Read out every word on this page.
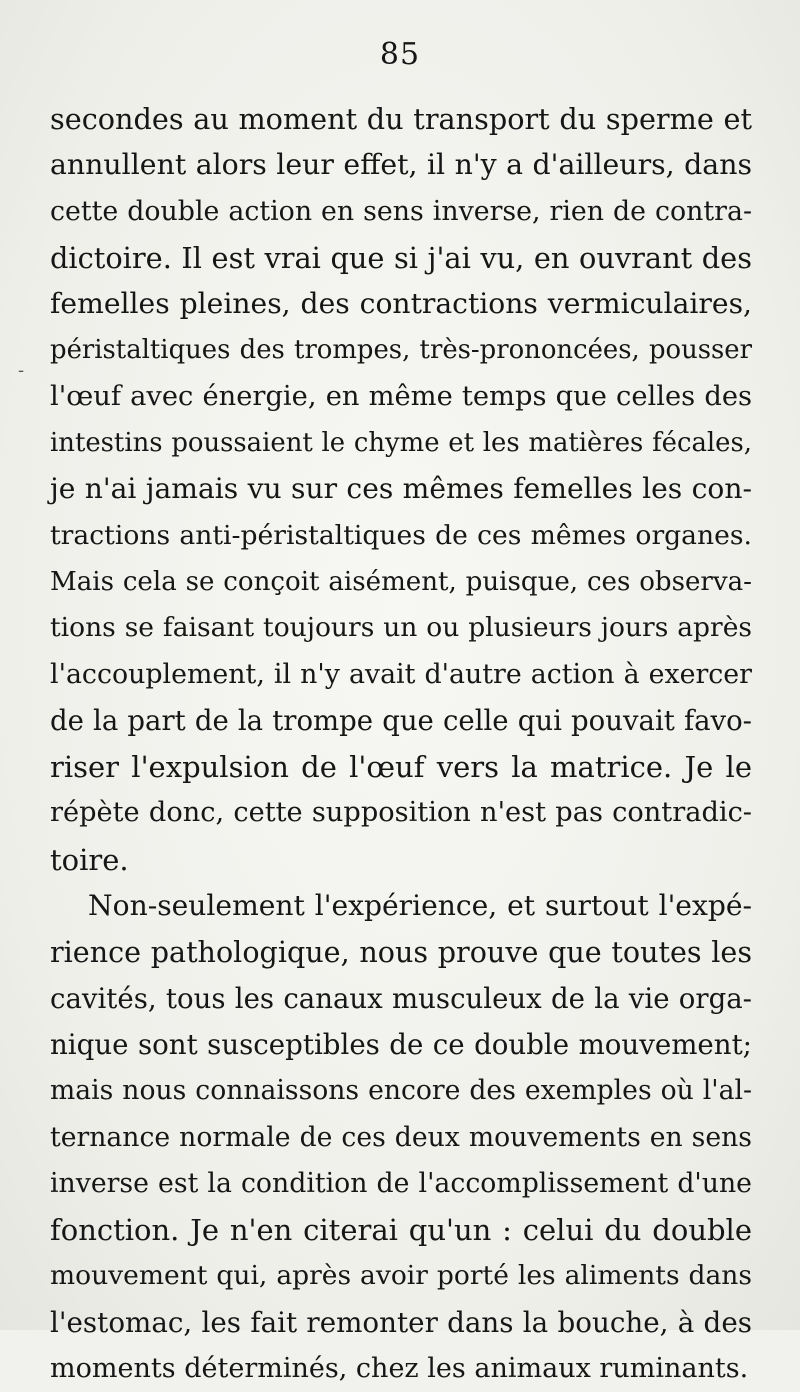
85
-
secondes au moment du transport du sperme et
annullent alors leur effet, il n'y a d'ailleurs, dans
cette double action en sens inverse, rien de contra-
dictoire. Il est vrai que si j'ai vu, en ouvrant des
femelles pleines, des contractions vermiculaires,
péristaltiques des trompes, très-prononcées, pousser
l'œuf avec énergie, en même temps que celles des
intestins poussaient le chyme et les matières fécales,
je n'ai jamais vu sur ces mêmes femelles les con-
tractions anti-péristaltiques de ces mêmes organes.
Mais cela se conçoit aisément, puisque, ces observa-
tions se faisant toujours un ou plusieurs jours après
l'accouplement, il n'y avait d'autre action à exercer
de la part de la trompe que celle qui pouvait favo-
riser l'expulsion de l'œuf vers la matrice. Je le
répète donc, cette supposition n'est pas contradic-
toire.
Non-seulement l'expérience, et surtout l'expé-
rience pathologique, nous prouve que toutes les
cavités, tous les canaux musculeux de la vie orga-
nique sont susceptibles de ce double mouvement;
mais nous connaissons encore des exemples où l'al-
ternance normale de ces deux mouvements en sens
inverse est la condition de l'accomplissement d'une
fonction. Je n'en citerai qu'un : celui du double
mouvement qui, après avoir porté les aliments dans
l'estomac, les fait remonter dans la bouche, à des
moments déterminés, chez les animaux ruminants.
